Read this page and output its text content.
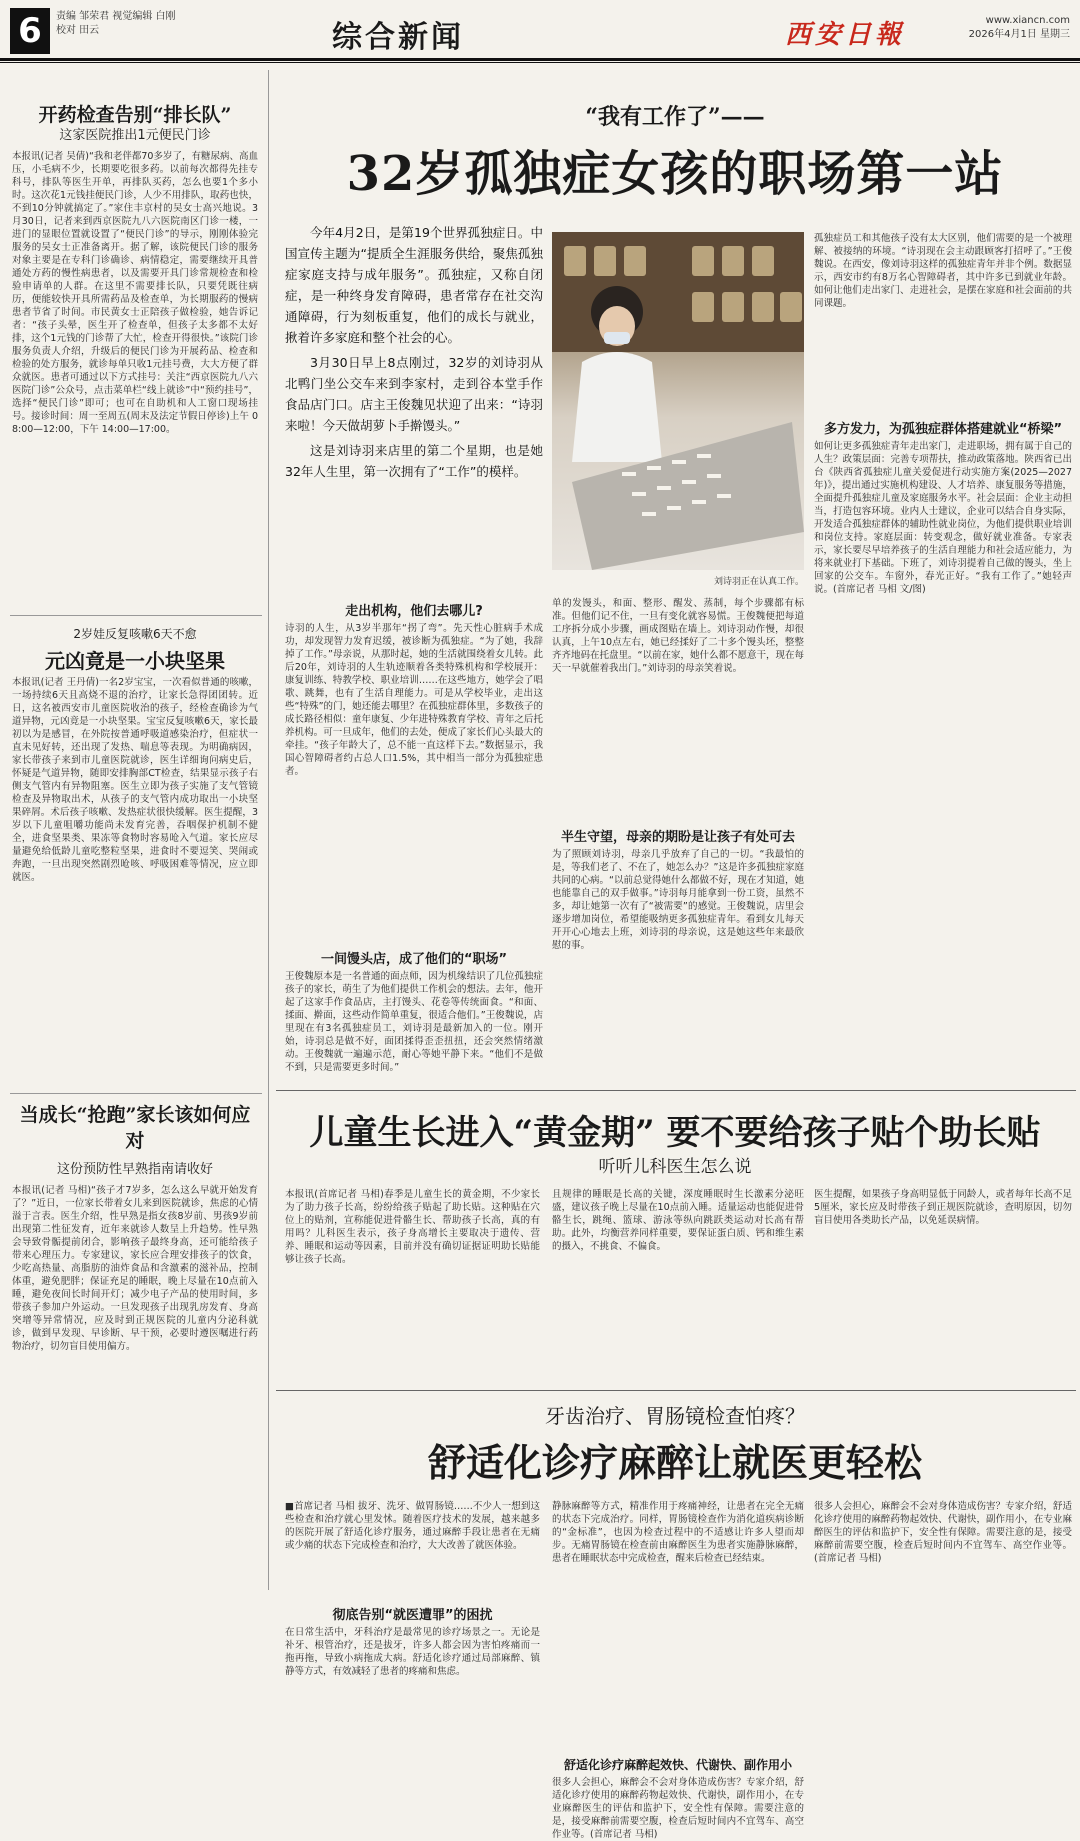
6	责编 邹荣君 视觉编辑 白刚
校对 田云	综合新闻	西安日報	www.xiancn.com
2026年4月1日 星期三
开药检查告别“排长队”
这家医院推出1元便民门诊
本报讯(记者 吴倩)“我和老伴都70多岁了，有糖尿病、高血压，小毛病不少，长期要吃很多药。以前每次都得先挂专科号，排队等医生开单，再排队买药，怎么也要1个多小时。这次花1元钱挂便民门诊，人少不用排队，取药也快，不到10分钟就搞定了。”家住丰京村的吴女士高兴地说。3月30日，记者来到西京医院九八六医院南区门诊一楼，一进门的显眼位置就设置了“便民门诊”的导示，刚刚体验完服务的吴女士正准备离开。据了解，该院便民门诊的服务对象主要是在专科门诊确诊、病情稳定，需要继续开具普通处方药的慢性病患者，以及需要开具门诊常规检查和检验申请单的人群。在这里不需要排长队，只要凭既往病历，便能较快开具所需药品及检查单，为长期服药的慢病患者节省了时间。市民黄女士正陪孩子做检验，她告诉记者：“孩子头晕，医生开了检查单，但孩子太多都不太好排，这个1元钱的门诊帮了大忙，检查开得很快。”该院门诊服务负责人介绍，升级后的便民门诊为开展药品、检查和检验的处方服务，就诊每单只收1元挂号费，大大方便了群众就医。患者可通过以下方式挂号：关注“西京医院九八六医院门诊”公众号，点击菜单栏“线上就诊”中“预约挂号”，选择“便民门诊”即可；也可在自助机和人工窗口现场挂号。接诊时间：周一至周五(周末及法定节假日停诊)上午 08:00—12:00，下午 14:00—17:00。
2岁娃反复咳嗽6天不愈
元凶竟是一小块坚果
本报讯(记者 王丹倩)一名2岁宝宝，一次看似普通的咳嗽，一场持续6天且高烧不退的治疗，让家长急得团团转。近日，这名被西安市儿童医院收治的孩子，经检查确诊为气道异物，元凶竟是一小块坚果。宝宝反复咳嗽6天，家长最初以为是感冒，在外院按普通呼吸道感染治疗，但症状一直未见好转，还出现了发热、喘息等表现。为明确病因，家长带孩子来到市儿童医院就诊，医生详细询问病史后，怀疑是气道异物，随即安排胸部CT检查，结果显示孩子右侧支气管内有异物阻塞。医生立即为孩子实施了支气管镜检查及异物取出术，从孩子的支气管内成功取出一小块坚果碎屑。术后孩子咳嗽、发热症状很快缓解。医生提醒，3岁以下儿童咀嚼功能尚未发育完善，吞咽保护机制不健全，进食坚果类、果冻等食物时容易呛入气道。家长应尽量避免给低龄儿童吃整粒坚果，进食时不要逗笑、哭闹或奔跑，一旦出现突然剧烈呛咳、呼吸困难等情况，应立即就医。
当成长“抢跑”家长该如何应对
这份预防性早熟指南请收好
本报讯(记者 马相)“孩子才7岁多，怎么这么早就开始发育了？”近日，一位家长带着女儿来到医院就诊，焦虑的心情溢于言表。医生介绍，性早熟是指女孩8岁前、男孩9岁前出现第二性征发育，近年来就诊人数呈上升趋势。性早熟会导致骨骺提前闭合，影响孩子最终身高，还可能给孩子带来心理压力。专家建议，家长应合理安排孩子的饮食，少吃高热量、高脂肪的油炸食品和含激素的滋补品，控制体重，避免肥胖；保证充足的睡眠，晚上尽量在10点前入睡，避免夜间长时间开灯；减少电子产品的使用时间，多带孩子参加户外运动。一旦发现孩子出现乳房发育、身高突增等异常情况，应及时到正规医院的儿童内分泌科就诊，做到早发现、早诊断、早干预，必要时遵医嘱进行药物治疗，切勿盲目使用偏方。
“我有工作了”——
32岁孤独症女孩的职场第一站
今年4月2日，是第19个世界孤独症日。中国宣传主题为“提质全生涯服务供给，聚焦孤独症家庭支持与成年服务”。孤独症，又称自闭症，是一种终身发育障碍，患者常存在社交沟通障碍，行为刻板重复，他们的成长与就业，揪着许多家庭和整个社会的心。
3月30日早上8点刚过，32岁的刘诗羽从北鸭门坐公交车来到李家村，走到谷本堂手作食品店门口。店主王俊魏见状迎了出来：“诗羽来啦！今天做胡萝卜手擀馒头。”
这是刘诗羽来店里的第二个星期，也是她32年人生里，第一次拥有了“工作”的模样。
刘诗羽正在认真工作。
走出机构，他们去哪儿?
诗羽的人生，从3岁半那年“拐了弯”。先天性心脏病手术成功，却发现智力发育迟缓，被诊断为孤独症。“为了她，我辞掉了工作。”母亲说，从那时起，她的生活就围绕着女儿转。此后20年，刘诗羽的人生轨迹顺着各类特殊机构和学校展开：康复训练、特教学校、职业培训……在这些地方，她学会了唱歌、跳舞，也有了生活自理能力。可是从学校毕业，走出这些“特殊”的门，她还能去哪里？在孤独症群体里，多数孩子的成长路径相似：童年康复、少年进特殊教育学校、青年之后托养机构。可一旦成年，他们的去处，便成了家长们心头最大的牵挂。“孩子年龄大了，总不能一直这样下去。”数据显示，我国心智障碍者约占总人口1.5%，其中相当一部分为孤独症患者。
一间馒头店，成了他们的“职场”
王俊魏原本是一名普通的面点师，因为机缘结识了几位孤独症孩子的家长，萌生了为他们提供工作机会的想法。去年，他开起了这家手作食品店，主打馒头、花卷等传统面食。“和面、揉面、擀面，这些动作简单重复，很适合他们。”王俊魏说，店里现在有3名孤独症员工，刘诗羽是最新加入的一位。刚开始，诗羽总是做不好，面团揉得歪歪扭扭，还会突然情绪激动。王俊魏就一遍遍示范，耐心等她平静下来。“他们不是做不到，只是需要更多时间。”
单的发馒头，和面、整形、醒发、蒸制，每个步骤都有标准。但他们记不住，一旦有变化就容易慌。王俊魏便把每道工序拆分成小步骤，画成图贴在墙上。刘诗羽动作慢，却很认真，上午10点左右，她已经揉好了二十多个馒头坯，整整齐齐地码在托盘里。“以前在家，她什么都不愿意干，现在每天一早就催着我出门。”刘诗羽的母亲笑着说。
半生守望，母亲的期盼是让孩子有处可去
为了照顾刘诗羽，母亲几乎放弃了自己的一切。“我最怕的是，等我们老了、不在了，她怎么办？”这是许多孤独症家庭共同的心病。“以前总觉得她什么都做不好，现在才知道，她也能靠自己的双手做事。”诗羽每月能拿到一份工资，虽然不多，却让她第一次有了“被需要”的感觉。王俊魏说，店里会逐步增加岗位，希望能吸纳更多孤独症青年。看到女儿每天开开心心地去上班，刘诗羽的母亲说，这是她这些年来最欣慰的事。
孤独症员工和其他孩子没有太大区别，他们需要的是一个被理解、被接纳的环境。“诗羽现在会主动跟顾客打招呼了。”王俊魏说。在西安，像刘诗羽这样的孤独症青年并非个例。数据显示，西安市约有8万名心智障碍者，其中许多已到就业年龄。如何让他们走出家门、走进社会，是摆在家庭和社会面前的共同课题。
多方发力，为孤独症群体搭建就业“桥梁”
如何让更多孤独症青年走出家门，走进职场，拥有属于自己的人生？政策层面：完善专项帮扶，推动政策落地。陕西省已出台《陕西省孤独症儿童关爱促进行动实施方案(2025—2027年)》，提出通过实施机构建设、人才培养、康复服务等措施，全面提升孤独症儿童及家庭服务水平。社会层面：企业主动担当，打造包容环境。业内人士建议，企业可以结合自身实际，开发适合孤独症群体的辅助性就业岗位，为他们提供职业培训和岗位支持。家庭层面：转变观念，做好就业准备。专家表示，家长要尽早培养孩子的生活自理能力和社会适应能力，为将来就业打下基础。下班了，刘诗羽提着自己做的馒头，坐上回家的公交车。车窗外，春光正好。“我有工作了。”她轻声说。(首席记者 马相 文/图)
儿童生长进入“黄金期” 要不要给孩子贴个助长贴
听听儿科医生怎么说
本报讯(首席记者 马相)春季是儿童生长的黄金期，不少家长为了助力孩子长高，纷纷给孩子贴起了助长贴。这种贴在穴位上的贴剂，宣称能促进骨骼生长、帮助孩子长高，真的有用吗？儿科医生表示，孩子身高增长主要取决于遗传、营养、睡眠和运动等因素，目前并没有确切证据证明助长贴能够让孩子长高。
且规律的睡眠是长高的关键，深度睡眠时生长激素分泌旺盛，建议孩子晚上尽量在10点前入睡。适量运动也能促进骨骼生长，跳绳、篮球、游泳等纵向跳跃类运动对长高有帮助。此外，均衡营养同样重要，要保证蛋白质、钙和维生素的摄入，不挑食、不偏食。
医生提醒，如果孩子身高明显低于同龄人，或者每年长高不足5厘米，家长应及时带孩子到正规医院就诊，查明原因，切勿盲目使用各类助长产品，以免延误病情。
牙齿治疗、胃肠镜检查怕疼？
舒适化诊疗麻醉让就医更轻松
■首席记者 马相 拔牙、洗牙、做胃肠镜……不少人一想到这些检查和治疗就心里发怵。随着医疗技术的发展，越来越多的医院开展了舒适化诊疗服务，通过麻醉手段让患者在无痛或少痛的状态下完成检查和治疗，大大改善了就医体验。
彻底告别“就医遭罪”的困扰
在日常生活中，牙科治疗是最常见的诊疗场景之一。无论是补牙、根管治疗，还是拔牙，许多人都会因为害怕疼痛而一拖再拖，导致小病拖成大病。舒适化诊疗通过局部麻醉、镇静等方式，有效减轻了患者的疼痛和焦虑。
静脉麻醉等方式，精准作用于疼痛神经，让患者在完全无痛的状态下完成治疗。同样，胃肠镜检查作为消化道疾病诊断的“金标准”，也因为检查过程中的不适感让许多人望而却步。无痛胃肠镜在检查前由麻醉医生为患者实施静脉麻醉，患者在睡眠状态中完成检查，醒来后检查已经结束。
舒适化诊疗麻醉起效快、代谢快、副作用小
很多人会担心，麻醉会不会对身体造成伤害？专家介绍，舒适化诊疗使用的麻醉药物起效快、代谢快，副作用小，在专业麻醉医生的评估和监护下，安全性有保障。需要注意的是，接受麻醉前需要空腹，检查后短时间内不宜驾车、高空作业等。(首席记者 马相)
很多人会担心，麻醉会不会对身体造成伤害？专家介绍，舒适化诊疗使用的麻醉药物起效快、代谢快，副作用小，在专业麻醉医生的评估和监护下，安全性有保障。需要注意的是，接受麻醉前需要空腹，检查后短时间内不宜驾车、高空作业等。(首席记者 马相)
